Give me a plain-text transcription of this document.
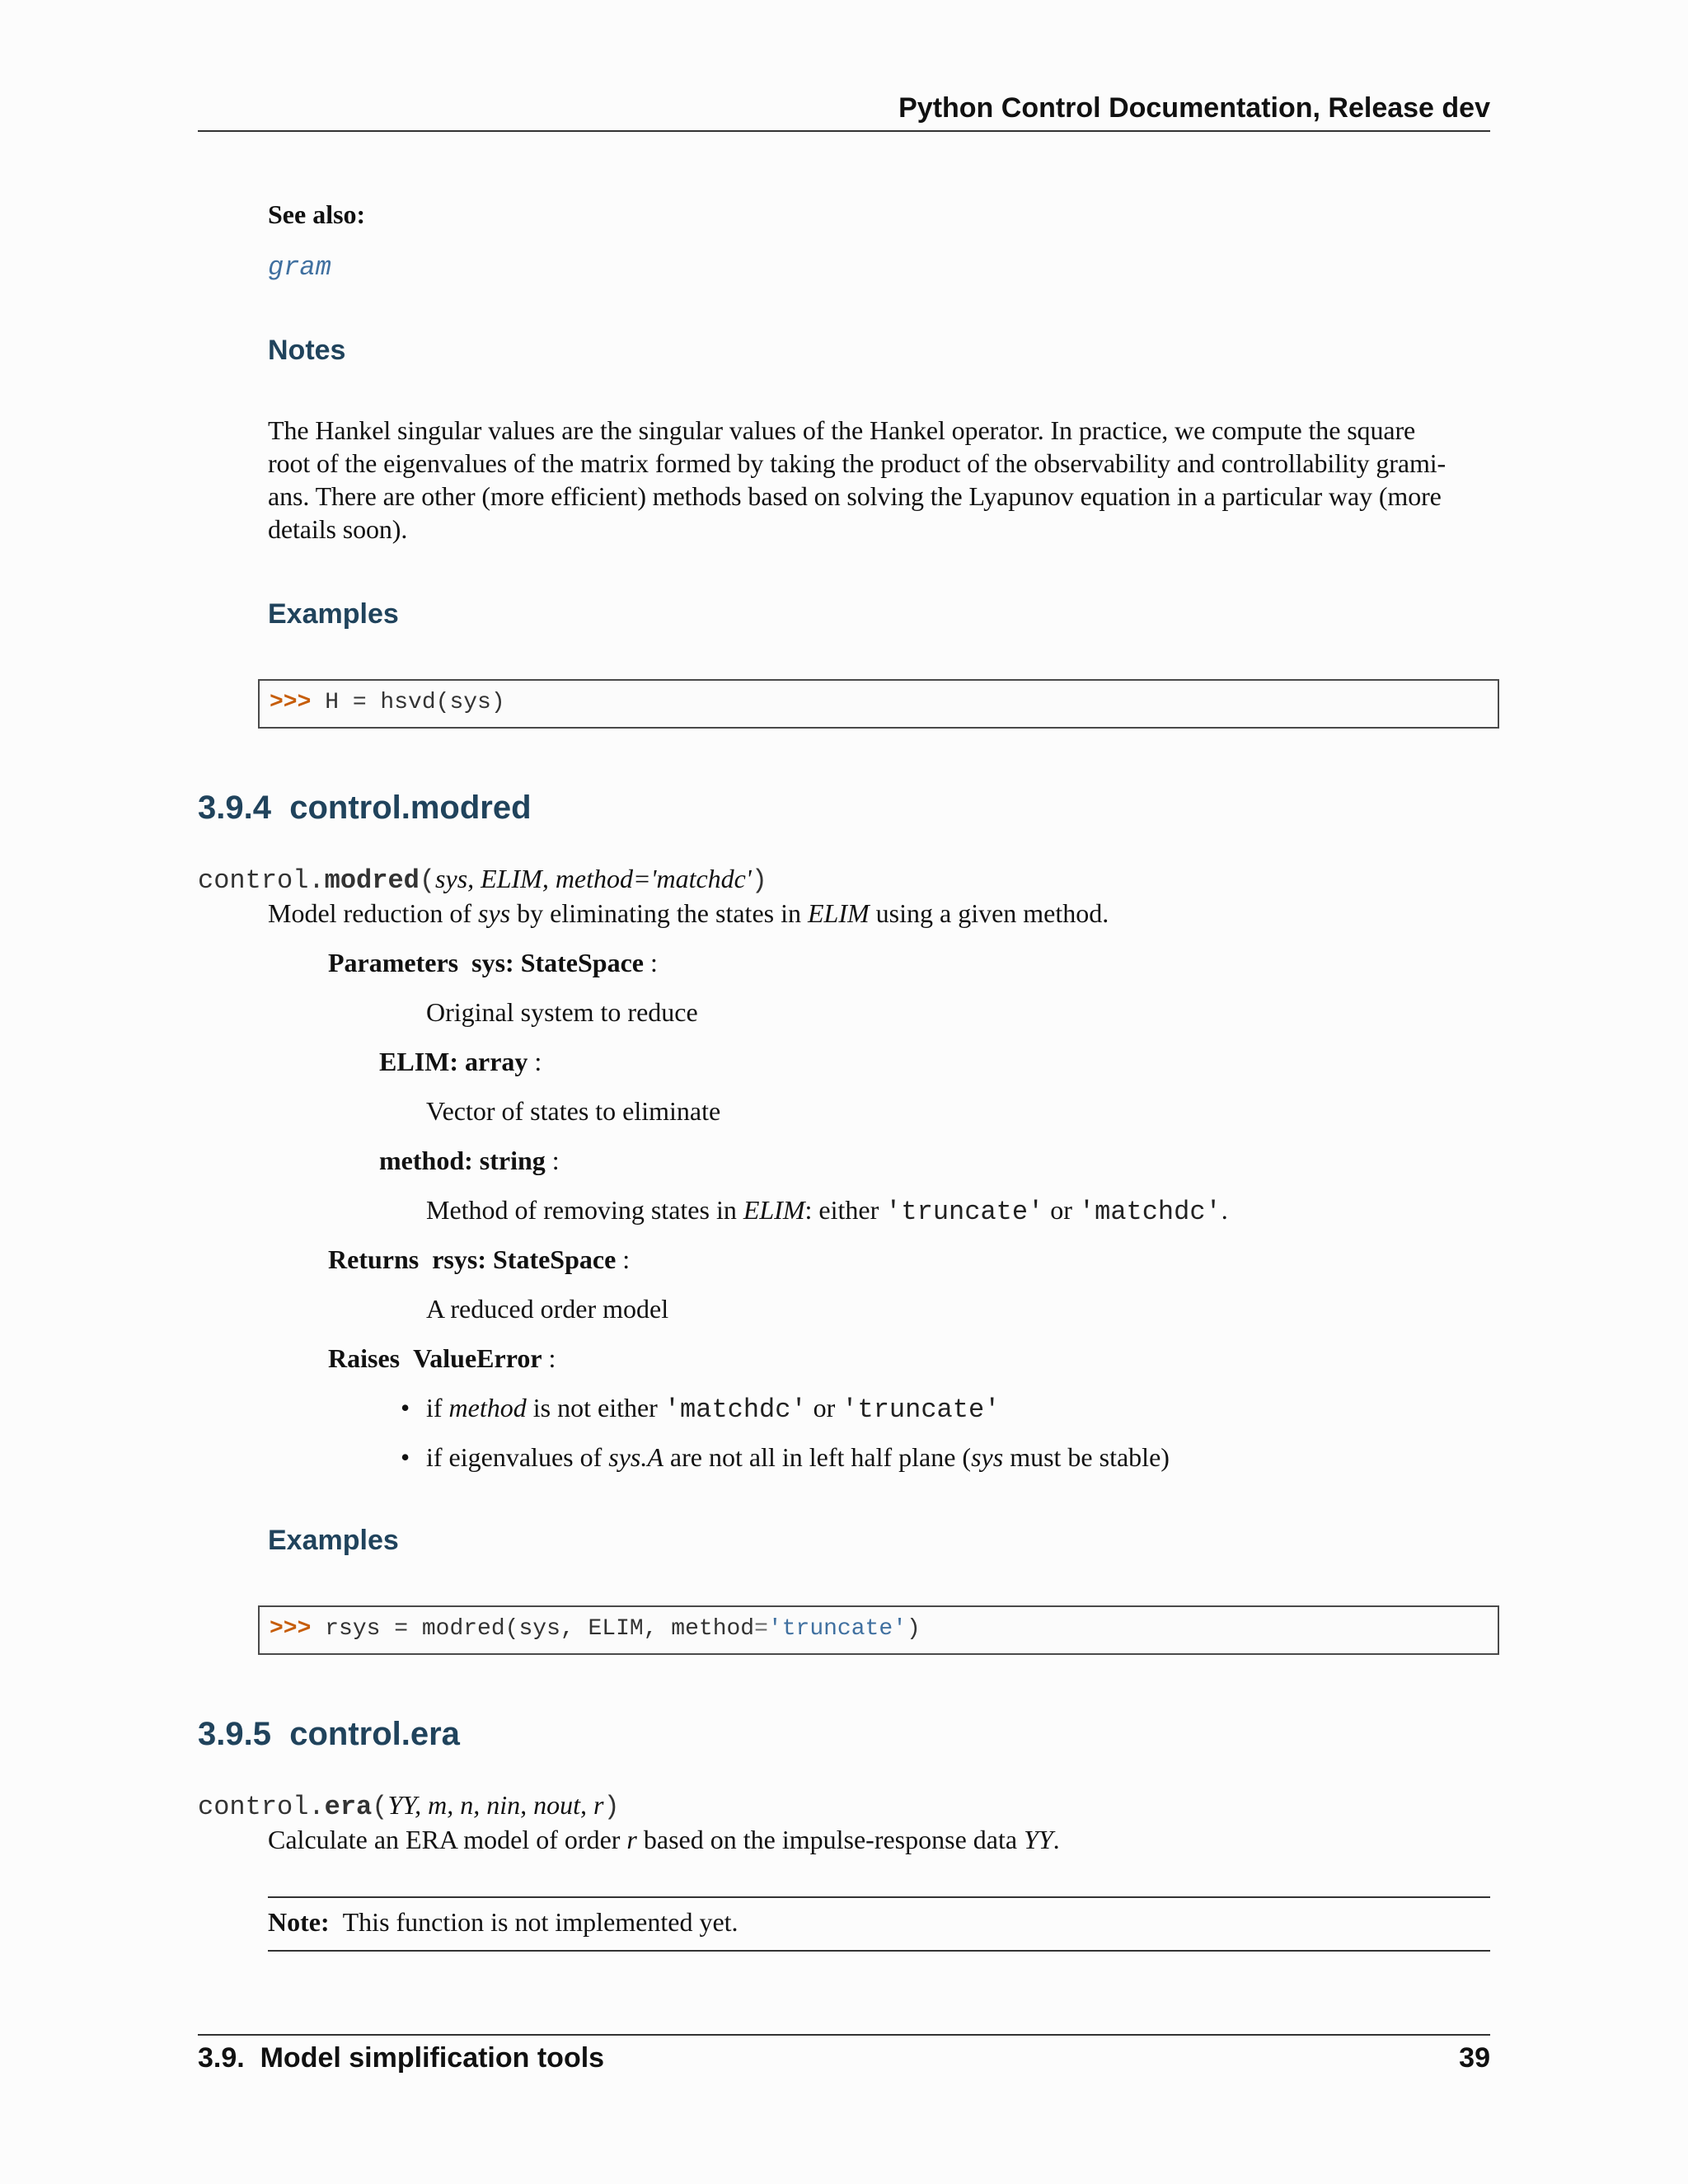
Python Control Documentation, Release dev
See also:
gram
Notes
The Hankel singular values are the singular values of the Hankel operator. In practice, we compute the square
root of the eigenvalues of the matrix formed by taking the product of the observability and controllability grami-
ans. There are other (more efficient) methods based on solving the Lyapunov equation in a particular way (more
details soon).
Examples
>>> H = hsvd(sys)
3.9.4 control.modred
control.modred(sys, ELIM, method='matchdc')
Model reduction of sys by eliminating the states in ELIM using a given method.
Parameters sys: StateSpace :
Original system to reduce
ELIM: array :
Vector of states to eliminate
method: string :
Method of removing states in ELIM: either 'truncate' or 'matchdc'.
Returns rsys: StateSpace :
A reduced order model
Raises ValueError :
• if method is not either 'matchdc' or 'truncate'
• if eigenvalues of sys.A are not all in left half plane (sys must be stable)
Examples
>>> rsys = modred(sys, ELIM, method='truncate')
3.9.5 control.era
control.era(YY, m, n, nin, nout, r)
Calculate an ERA model of order r based on the impulse-response data YY.
Note: This function is not implemented yet.
3.9.  Model simplification tools	39
